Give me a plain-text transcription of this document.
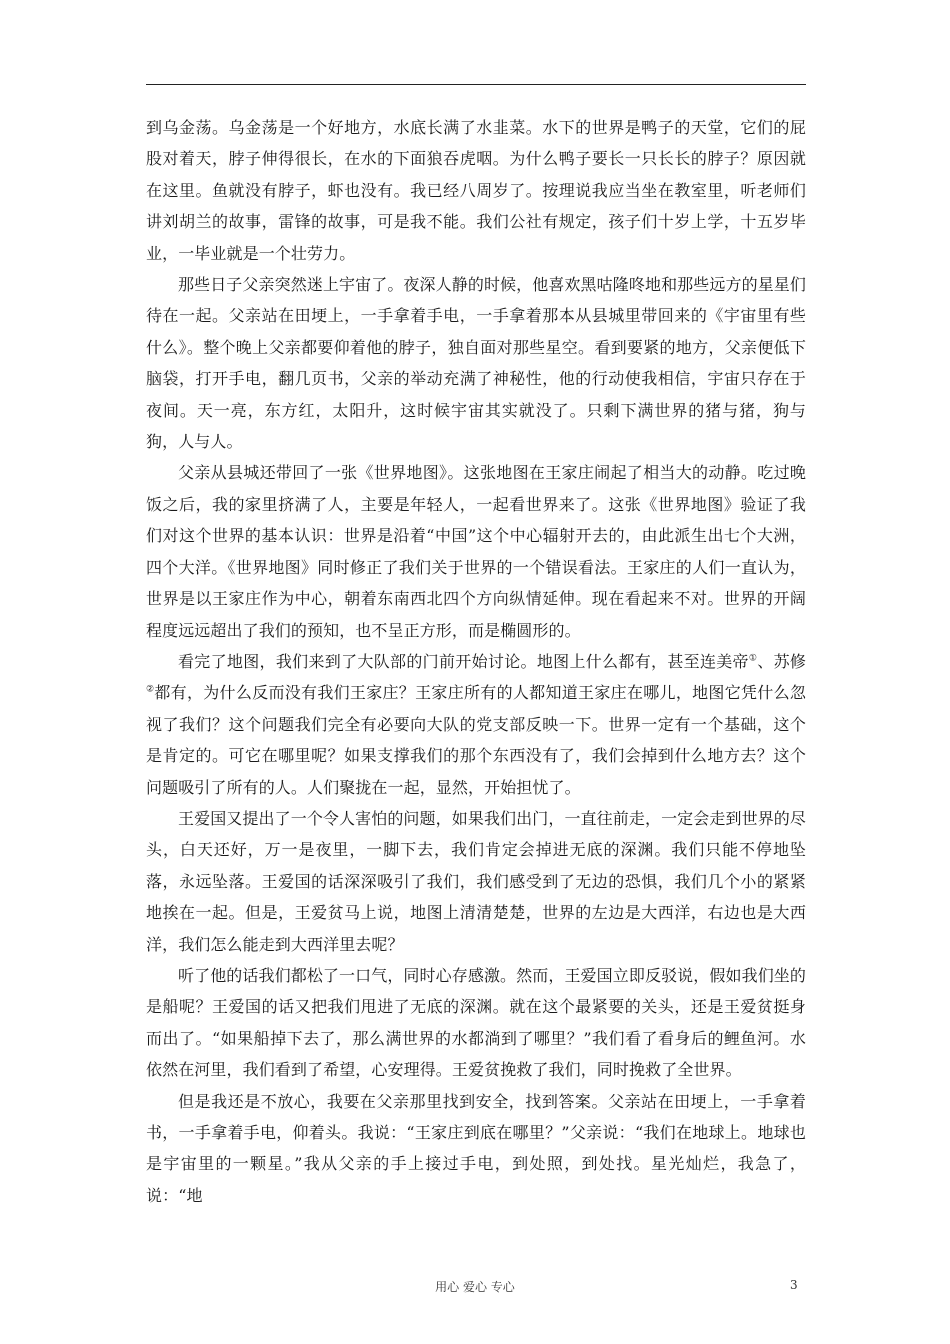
到乌金荡。乌金荡是一个好地方，水底长满了水韭菜。水下的世界是鸭子的天堂，它们的屁股对着天，脖子伸得很长，在水的下面狼吞虎咽。为什么鸭子要长一只长长的脖子？原因就在这里。鱼就没有脖子，虾也没有。我已经八周岁了。按理说我应当坐在教室里，听老师们讲刘胡兰的故事，雷锋的故事，可是我不能。我们公社有规定，孩子们十岁上学，十五岁毕业，一毕业就是一个壮劳力。

那些日子父亲突然迷上宇宙了。夜深人静的时候，他喜欢黑咕隆咚地和那些远方的星星们待在一起。父亲站在田埂上，一手拿着手电，一手拿着那本从县城里带回来的《宇宙里有些什么》。整个晚上父亲都要仰着他的脖子，独自面对那些星空。看到要紧的地方，父亲便低下脑袋，打开手电，翻几页书，父亲的举动充满了神秘性，他的行动使我相信，宇宙只存在于夜间。天一亮，东方红，太阳升，这时候宇宙其实就没了。只剩下满世界的猪与猪，狗与狗，人与人。

父亲从县城还带回了一张《世界地图》。这张地图在王家庄闹起了相当大的动静。吃过晚饭之后，我的家里挤满了人，主要是年轻人，一起看世界来了。这张《世界地图》验证了我们对这个世界的基本认识：世界是沿着“中国”这个中心辐射开去的，由此派生出七个大洲，四个大洋。《世界地图》同时修正了我们关于世界的一个错误看法。王家庄的人们一直认为，世界是以王家庄作为中心，朝着东南西北四个方向纵情延伸。现在看起来不对。世界的开阔程度远远超出了我们的预知，也不呈正方形，而是椭圆形的。

看完了地图，我们来到了大队部的门前开始讨论。地图上什么都有，甚至连美帝①、苏修②都有，为什么反而没有我们王家庄？王家庄所有的人都知道王家庄在哪儿，地图它凭什么忽视了我们？这个问题我们完全有必要向大队的党支部反映一下。世界一定有一个基础，这个是肯定的。可它在哪里呢？如果支撑我们的那个东西没有了，我们会掉到什么地方去？这个问题吸引了所有的人。人们聚拢在一起，显然，开始担忧了。

王爱国又提出了一个令人害怕的问题，如果我们出门，一直往前走，一定会走到世界的尽头，白天还好，万一是夜里，一脚下去，我们肯定会掉进无底的深渊。我们只能不停地坠落，永远坠落。王爱国的话深深吸引了我们，我们感受到了无边的恐惧，我们几个小的紧紧地挨在一起。但是，王爱贫马上说，地图上清清楚楚，世界的左边是大西洋，右边也是大西洋，我们怎么能走到大西洋里去呢？

听了他的话我们都松了一口气，同时心存感激。然而，王爱国立即反驳说，假如我们坐的是船呢？王爱国的话又把我们甩进了无底的深渊。就在这个最紧要的关头，还是王爱贫挺身而出了。“如果船掉下去了，那么满世界的水都淌到了哪里？”我们看了看身后的鲤鱼河。水依然在河里，我们看到了希望，心安理得。王爱贫挽救了我们，同时挽救了全世界。

但是我还是不放心，我要在父亲那里找到安全，找到答案。父亲站在田埂上，一手拿着书，一手拿着手电，仰着头。我说：“王家庄到底在哪里？”父亲说：“我们在地球上。地球也是宇宙里的一颗星。”我从父亲的手上接过手电，到处照，到处找。星光灿烂，我急了，说：“地

用心 爱心 专心	3
